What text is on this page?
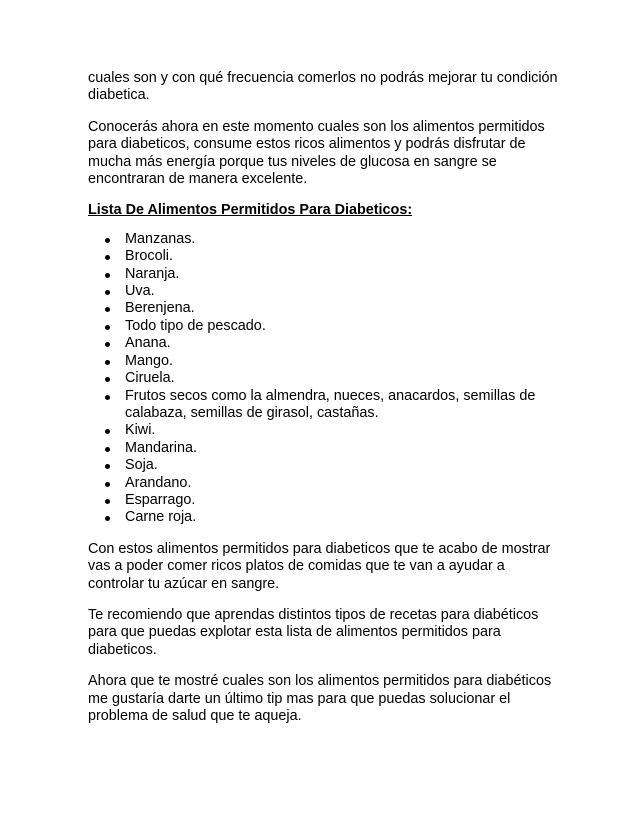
cuales son y con qué frecuencia comerlos no podrás mejorar tu condición diabetica.

Conocerás ahora en este momento cuales son los alimentos permitidos para diabeticos, consume estos ricos alimentos y podrás disfrutar de mucha más energía porque tus niveles de glucosa en sangre se encontraran de manera excelente.

Lista De Alimentos Permitidos Para Diabeticos:
Manzanas.
Brocoli.
Naranja.
Uva.
Berenjena.
Todo tipo de pescado.
Anana.
Mango.
Ciruela.
Frutos secos como la almendra, nueces, anacardos, semillas de calabaza, semillas de girasol, castañas.
Kiwi.
Mandarina.
Soja.
Arandano.
Esparrago.
Carne roja.

Con estos alimentos permitidos para diabeticos que te acabo de mostrar vas a poder comer ricos platos de comidas que te van a ayudar a controlar tu azúcar en sangre.

Te recomiendo que aprendas distintos tipos de recetas para diabéticos para que puedas explotar esta lista de alimentos permitidos para diabeticos.

Ahora que te mostré cuales son los alimentos permitidos para diabéticos me gustaría darte un último tip mas para que puedas solucionar el problema de salud que te aqueja.
